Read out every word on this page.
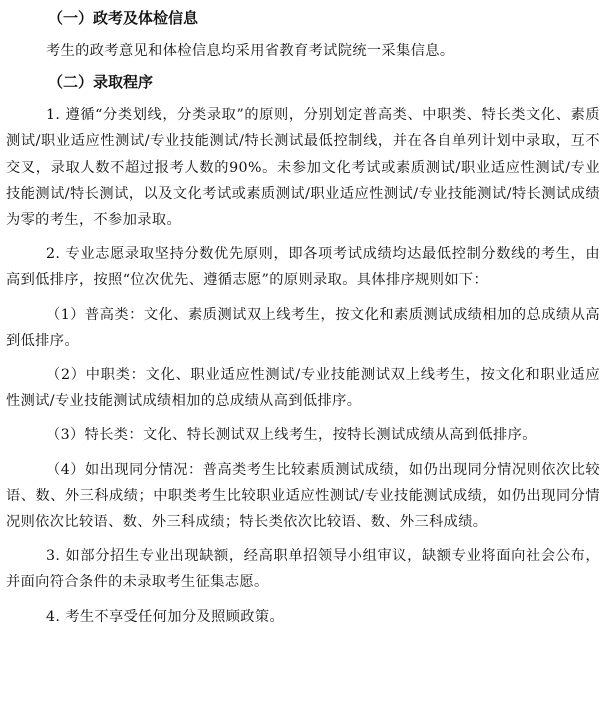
（一）政考及体检信息

考生的政考意见和体检信息均采用省教育考试院统一采集信息。

（二）录取程序

1. 遵循“分类划线，分类录取”的原则，分别划定普高类、中职类、特长类文化、素质测试/职业适应性测试/专业技能测试/特长测试最低控制线，并在各自单列计划中录取，互不交叉，录取人数不超过报考人数的90%。未参加文化考试或素质测试/职业适应性测试/专业技能测试/特长测试，以及文化考试或素质测试/职业适应性测试/专业技能测试/特长测试成绩为零的考生，不参加录取。

2. 专业志愿录取坚持分数优先原则，即各项考试成绩均达最低控制分数线的考生，由高到低排序，按照“位次优先、遵循志愿”的原则录取。具体排序规则如下：

（1）普高类：文化、素质测试双上线考生，按文化和素质测试成绩相加的总成绩从高到低排序。

（2）中职类：文化、职业适应性测试/专业技能测试双上线考生，按文化和职业适应性测试/专业技能测试成绩相加的总成绩从高到低排序。

（3）特长类：文化、特长测试双上线考生，按特长测试成绩从高到低排序。

（4）如出现同分情况：普高类考生比较素质测试成绩，如仍出现同分情况则依次比较语、数、外三科成绩；中职类考生比较职业适应性测试/专业技能测试成绩，如仍出现同分情况则依次比较语、数、外三科成绩；特长类依次比较语、数、外三科成绩。

3. 如部分招生专业出现缺额，经高职单招领导小组审议，缺额专业将面向社会公布，并面向符合条件的未录取考生征集志愿。

4. 考生不享受任何加分及照顾政策。
